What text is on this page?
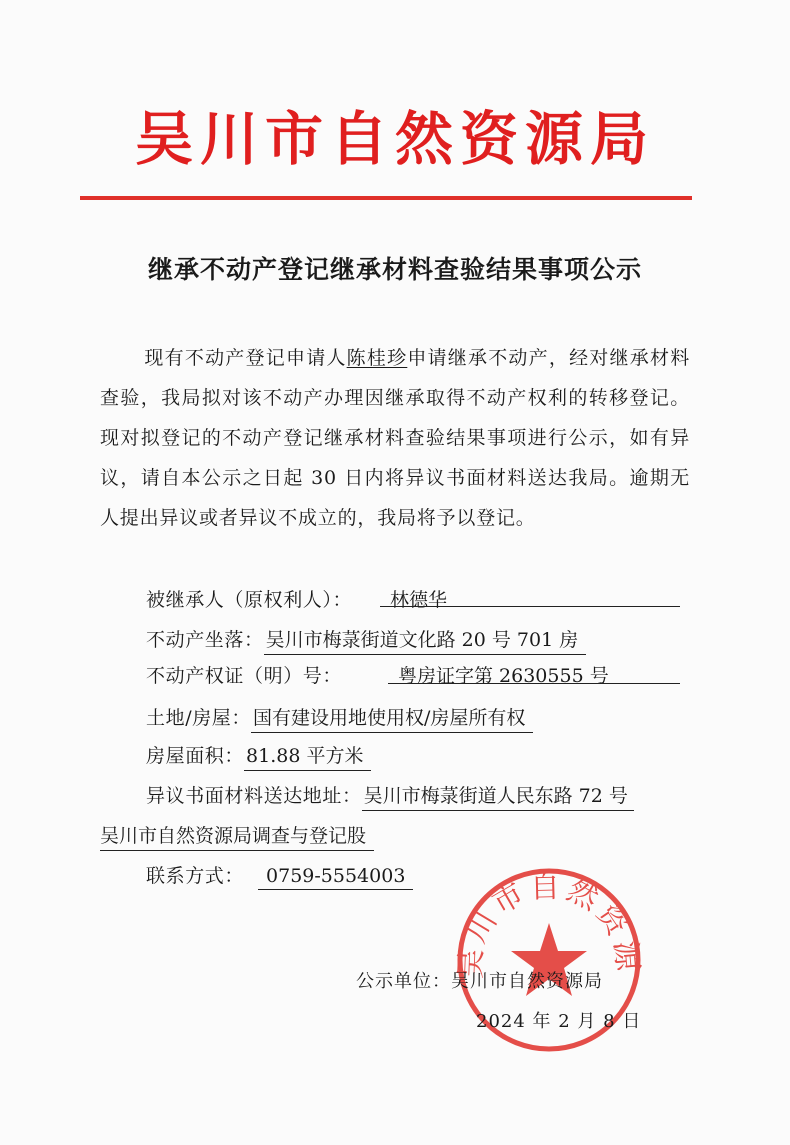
吴川市自然资源局
继承不动产登记继承材料查验结果事项公示
现有不动产登记申请人陈桂珍申请继承不动产，经对继承材料查验，我局拟对该不动产办理因继承取得不动产权利的转移登记。现对拟登记的不动产登记继承材料查验结果事项进行公示，如有异议，请自本公示之日起 30 日内将异议书面材料送达我局。逾期无人提出异议或者异议不成立的，我局将予以登记。
被继承人（原权利人）： 林德华
不动产坐落： 吴川市梅菉街道文化路 20 号 701 房
不动产权证（明）号：	粤房证字第 2630555 号
土地/房屋： 国有建设用地使用权/房屋所有权
房屋面积： 81.88 平方米
异议书面材料送达地址： 吴川市梅菉街道人民东路 72 号
吴川市自然资源局调查与登记股
联系方式： 0759-5554003
吴川市自然资源
公示单位：吴川市自然资源局
2024 年 2 月 8 日
